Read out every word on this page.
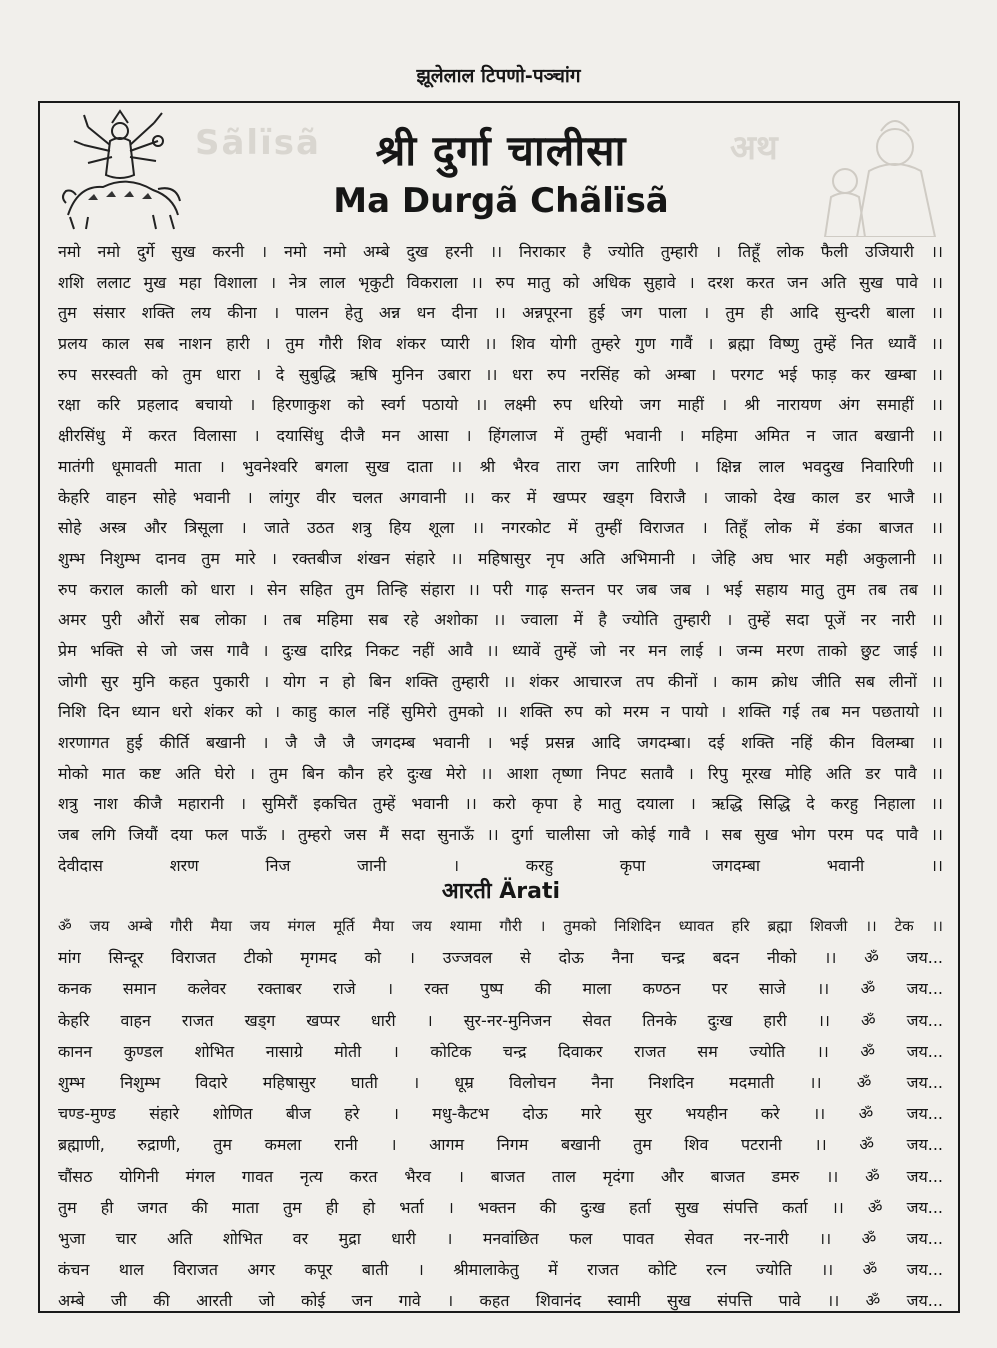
झूलेलाल टिपणो-पञ्चांग
Sãlïsã	अथ
श्री दुर्गा चालीसा
Ma Durgã Chãlïsã
नमो नमो दुर्गे सुख करनी । नमो नमो अम्बे दुख हरनी ।। निराकार है ज्योति तुम्हारी । तिहूँ लोक फैली उजियारी ।।
शशि ललाट मुख महा विशाला । नेत्र लाल भृकुटी विकराला ।। रुप मातु को अधिक सुहावे । दरश करत जन अति सुख पावे ।।
तुम संसार शक्ति लय कीना । पालन हेतु अन्न धन दीना ।। अन्नपूरना हुई जग पाला । तुम ही आदि सुन्दरी बाला ।।
प्रलय काल सब नाशन हारी । तुम गौरी शिव शंकर प्यारी ।। शिव योगी तुम्हरे गुण गावैं । ब्रह्मा विष्णु तुम्हें नित ध्यावैं ।।
रुप सरस्वती को तुम धारा । दे सुबुद्धि ऋषि मुनिन उबारा ।। धरा रुप नरसिंह को अम्बा । परगट भई फाड़ कर खम्बा ।।
रक्षा करि प्रहलाद बचायो । हिरणाकुश को स्वर्ग पठायो ।। लक्ष्मी रुप धरियो जग माहीं । श्री नारायण अंग समाहीं ।।
क्षीरसिंधु में करत विलासा । दयासिंधु दीजै मन आसा । हिंगलाज में तुम्हीं भवानी । महिमा अमित न जात बखानी ।।
मातंगी धूमावती माता । भुवनेश्वरि बगला सुख दाता ।। श्री भैरव तारा जग तारिणी । क्षिन्न लाल भवदुख निवारिणी ।।
केहरि वाहन सोहे भवानी । लांगुर वीर चलत अगवानी ।। कर में खप्पर खड्ग विराजै । जाको देख काल डर भाजै ।।
सोहे अस्त्र और त्रिसूला । जाते उठत शत्रु हिय शूला ।। नगरकोट में तुम्हीं विराजत । तिहूँ लोक में डंका बाजत ।।
शुम्भ निशुम्भ दानव तुम मारे । रक्तबीज शंखन संहारे ।। महिषासुर नृप अति अभिमानी । जेहि अघ भार मही अकुलानी ।।
रुप कराल काली को धारा । सेन सहित तुम तिन्हि संहारा ।। परी गाढ़ सन्तन पर जब जब । भई सहाय मातु तुम तब तब ।।
अमर पुरी औरों सब लोका । तब महिमा सब रहे अशोका ।। ज्वाला में है ज्योति तुम्हारी । तुम्हें सदा पूजें नर नारी ।।
प्रेम भक्ति से जो जस गावै । दुःख दारिद्र निकट नहीं आवै ।। ध्यावें तुम्हें जो नर मन लाई । जन्म मरण ताको छुट जाई ।।
जोगी सुर मुनि कहत पुकारी । योग न हो बिन शक्ति तुम्हारी ।। शंकर आचारज तप कीनों । काम क्रोध जीति सब लीनों ।।
निशि दिन ध्यान धरो शंकर को । काहु काल नहिं सुमिरो तुमको ।। शक्ति रुप को मरम न पायो । शक्ति गई तब मन पछतायो ।।
शरणागत हुई कीर्ति बखानी । जै जै जै जगदम्ब भवानी । भई प्रसन्न आदि जगदम्बा। दई शक्ति नहिं कीन विलम्बा ।।
मोको मात कष्ट अति घेरो । तुम बिन कौन हरे दुःख मेरो ।। आशा तृष्णा निपट सतावै । रिपु मूरख मोहि अति डर पावै ।।
शत्रु नाश कीजै महारानी । सुमिरौं इकचित तुम्हें भवानी ।। करो कृपा हे मातु दयाला । ऋद्धि सिद्धि दे करहु निहाला ।।
जब लगि जियौं दया फल पाऊँ । तुम्हरो जस मैं सदा सुनाऊँ ।। दुर्गा चालीसा जो कोई गावै । सब सुख भोग परम पद पावै ।।
देवीदास शरण निज जानी । करहु कृपा जगदम्बा भवानी ।।
आरती Ärati
ॐ जय अम्बे गौरी मैया जय मंगल मूर्ति मैया जय श्यामा गौरी । तुमको निशिदिन ध्यावत हरि ब्रह्मा शिवजी ।। टेक ।।
मांग सिन्दूर विराजत टीको मृगमद को । उज्जवल से दोऊ नैना चन्द्र बदन नीको ।। ॐ जय...
कनक समान कलेवर रक्ताबर राजे । रक्त पुष्प की माला कण्ठन पर साजे ।। ॐ जय...
केहरि वाहन राजत खड्ग खप्पर धारी । सुर-नर-मुनिजन सेवत तिनके दुःख हारी ।। ॐ जय...
कानन कुण्डल शोभित नासाग्रे मोती । कोटिक चन्द्र दिवाकर राजत सम ज्योति ।। ॐ जय...
शुम्भ निशुम्भ विदारे महिषासुर घाती । धूम्र विलोचन नैना निशदिन मदमाती ।। ॐ जय...
चण्ड-मुण्ड संहारे शोणित बीज हरे । मधु-कैटभ दोऊ मारे सुर भयहीन करे ।। ॐ जय...
ब्रह्माणी, रुद्राणी, तुम कमला रानी । आगम निगम बखानी तुम शिव पटरानी ।। ॐ जय...
चौंसठ योगिनी मंगल गावत नृत्य करत भैरव । बाजत ताल मृदंगा और बाजत डमरु ।। ॐ जय...
तुम ही जगत की माता तुम ही हो भर्ता । भक्तन की दुःख हर्ता सुख संपत्ति कर्ता ।। ॐ जय...
भुजा चार अति शोभित वर मुद्रा धारी । मनवांछित फल पावत सेवत नर-नारी ।। ॐ जय...
कंचन थाल विराजत अगर कपूर बाती । श्रीमालाकेतु में राजत कोटि रत्न ज्योति ।। ॐ जय...
अम्बे जी की आरती जो कोई जन गावे । कहत शिवानंद स्वामी सुख संपत्ति पावे ।। ॐ जय...
